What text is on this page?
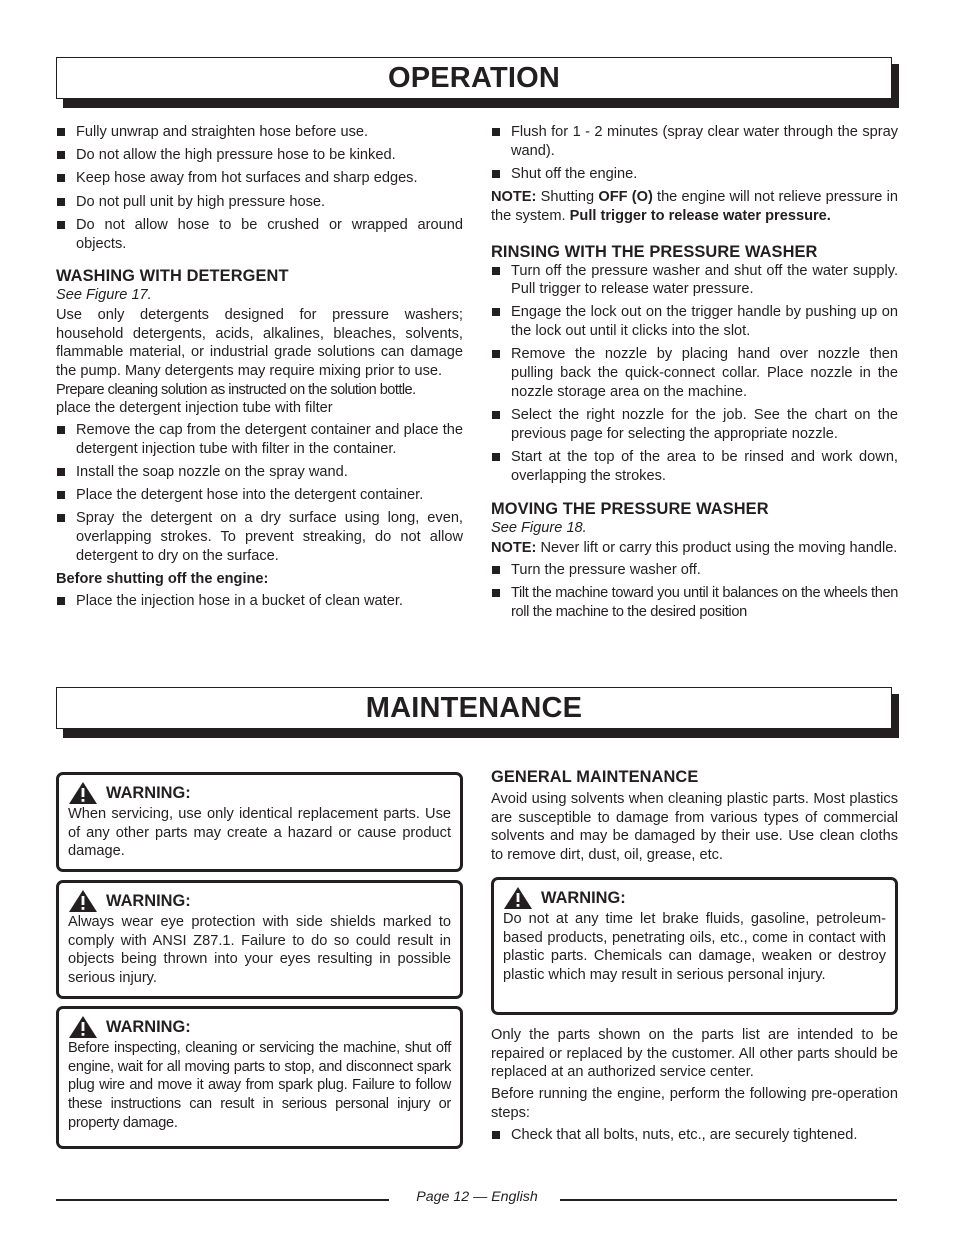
OPERATION
Fully unwrap and straighten hose before use.
Do not allow the high pressure hose to be kinked.
Keep hose away from hot surfaces and sharp edges.
Do not pull unit by high pressure hose.
Do not allow hose to be crushed or wrapped around objects.
WASHING WITH DETERGENT
See Figure 17.

Use only detergents designed for pressure washers; household detergents, acids, alkalines, bleaches, solvents, flammable material, or industrial grade solutions can damage the pump. Many detergents may require mixing prior to use.

Prepare cleaning solution as instructed on the solution bottle.

place the detergent injection tube with filter

Remove the cap from the detergent container and place the detergent injection tube with filter in the container.
Install the soap nozzle on the spray wand.
Place the detergent hose into the detergent container.
Spray the detergent on a dry surface using long, even, overlapping strokes. To prevent streaking, do not allow detergent to dry on the surface.

Before shutting off the engine:

Place the injection hose in a bucket of clean water.
Flush for 1 - 2 minutes (spray clear water through the spray wand).
Shut off the engine.

NOTE: Shutting OFF (O) the engine will not relieve pressure in the system. Pull trigger to release water pressure.

RINSING WITH THE PRESSURE WASHER
Turn off the pressure washer and shut off the water supply. Pull trigger to release water pressure.
Engage the lock out on the trigger handle by pushing up on the lock out until it clicks into the slot.
Remove the nozzle by placing hand over nozzle then pulling back the quick-connect collar. Place nozzle in the nozzle storage area on the machine.
Select the right nozzle for the job. See the chart on the previous page for selecting the appropriate nozzle.
Start at the top of the area to be rinsed and work down, overlapping the strokes.
MOVING THE PRESSURE WASHER
See Figure 18.

NOTE: Never lift or carry this product using the moving handle.

Turn the pressure washer off.
Tilt the machine toward you until it balances on the wheels then roll the machine to the desired position
MAINTENANCE
WARNING:

When servicing, use only identical replacement parts. Use of any other parts may create a hazard or cause product damage.

WARNING:

Always wear eye protection with side shields marked to comply with ANSI Z87.1. Failure to do so could result in objects being thrown into your eyes resulting in possible serious injury.

WARNING:

Before inspecting, cleaning or servicing the machine, shut off engine, wait for all moving parts to stop, and disconnect spark plug wire and move it away from spark plug. Failure to follow these instructions can result in serious personal injury or property damage.

GENERAL MAINTENANCE

Avoid using solvents when cleaning plastic parts. Most plastics are susceptible to damage from various types of commercial solvents and may be damaged by their use. Use clean cloths to remove dirt, dust, oil, grease, etc.

WARNING:

Do not at any time let brake fluids, gasoline, petroleum-based products, penetrating oils, etc., come in contact with plastic parts. Chemicals can damage, weaken or destroy plastic which may result in serious personal injury.

Only the parts shown on the parts list are intended to be repaired or replaced by the customer. All other parts should be replaced at an authorized service center.

Before running the engine, perform the following pre-operation steps:

Check that all bolts, nuts, etc., are securely tightened.
Page 12 — English
